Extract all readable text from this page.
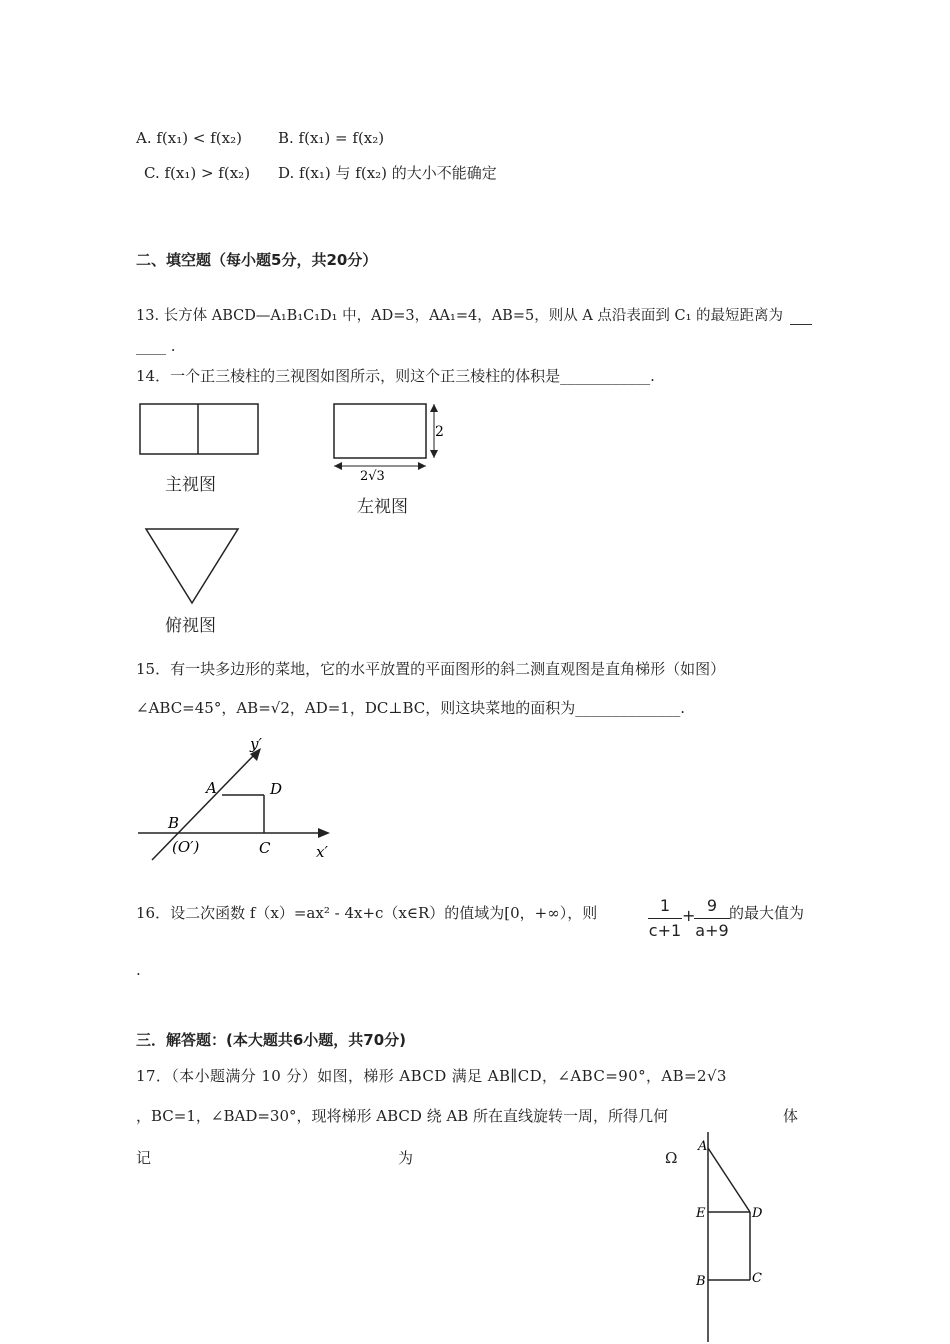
A. f(x₁) < f(x₂) B. f(x₁) = f(x₂)
C. f(x₁) > f(x₂) D. f(x₁) 与 f(x₂) 的大小不能确定
二、填空题（每小题5分，共20分）
13. 长方体 ABCD—A₁B₁C₁D₁ 中，AD=3，AA₁=4，AB=5，则从 A 点沿表面到 C₁ 的最短距离为
____ .
14．一个正三棱柱的三视图如图所示，则这个正三棱柱的体积是____________.
主视图
2
2√3
左视图
俯视图
15．有一块多边形的菜地，它的水平放置的平面图形的斜二测直观图是直角梯形（如图）
∠ABC=45°，AB=√2，AD=1，DC⊥BC，则这块菜地的面积为______________.
y′
A	D
B
(O′)	C	x′
16．设二次函数 f（x）=ax² - 4x+c（x∈R）的值域为[0，+∞），则	1
c+1
+
9
a+9
的最大值为
.
三．解答题：(本大题共6小题，共70分)
17．（本小题满分 10 分）如图，梯形 ABCD 满足 AB∥CD，∠ABC=90°，AB=2√3
，BC=1，∠BAD=30°，现将梯形 ABCD 绕 AB 所在直线旋转一周，所得几何	体
记	为	Ω
A
E	D
B	C
